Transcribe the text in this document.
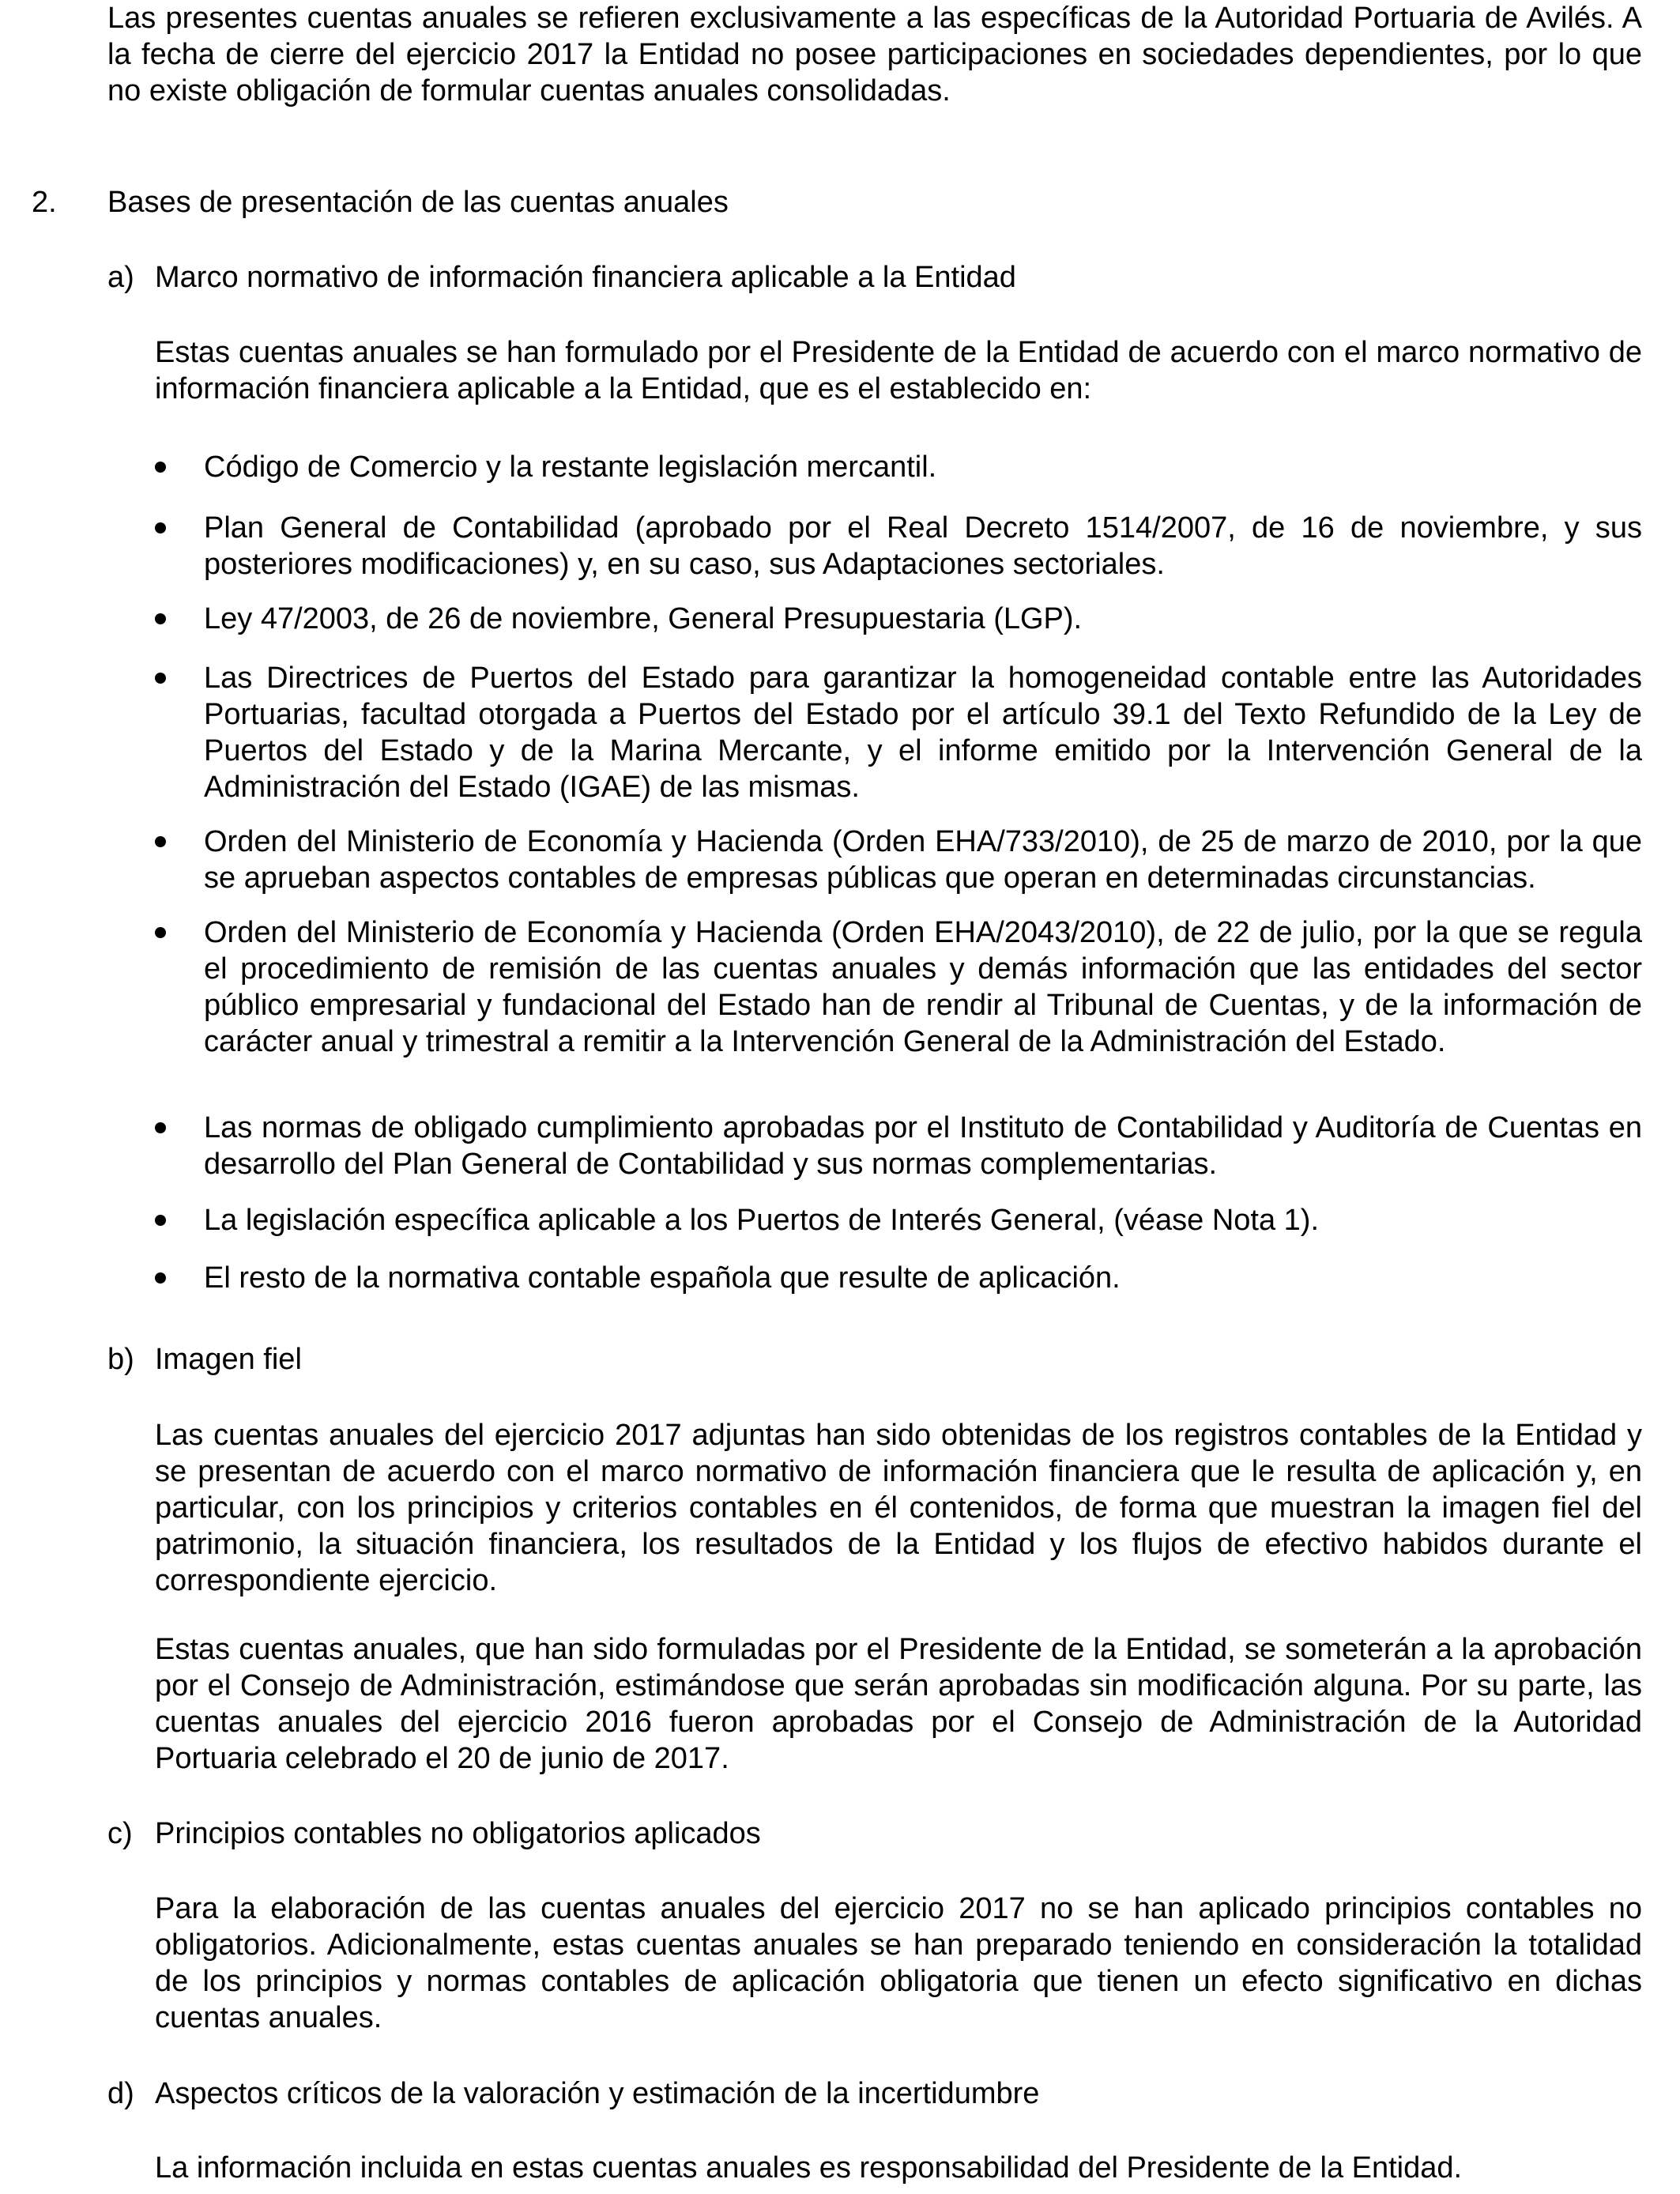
Las presentes cuentas anuales se refieren exclusivamente a las específicas de la Autoridad Portuaria de Avilés. A la fecha de cierre del ejercicio 2017 la Entidad no posee participaciones en sociedades dependientes, por lo que no existe obligación de formular cuentas anuales consolidadas.

2. Bases de presentación de las cuentas anuales
a) Marco normativo de información financiera aplicable a la Entidad

Estas cuentas anuales se han formulado por el Presidente de la Entidad de acuerdo con el marco normativo de información financiera aplicable a la Entidad, que es el establecido en:

Código de Comercio y la restante legislación mercantil.

Plan General de Contabilidad (aprobado por el Real Decreto 1514/2007, de 16 de noviembre, y sus posteriores modificaciones) y, en su caso, sus Adaptaciones sectoriales.

Ley 47/2003, de 26 de noviembre, General Presupuestaria (LGP).

Las Directrices de Puertos del Estado para garantizar la homogeneidad contable entre las Autoridades Portuarias, facultad otorgada a Puertos del Estado por el artículo 39.1 del Texto Refundido de la Ley de Puertos del Estado y de la Marina Mercante, y el informe emitido por la Intervención General de la Administración del Estado (IGAE) de las mismas.

Orden del Ministerio de Economía y Hacienda (Orden EHA/733/2010), de 25 de marzo de 2010, por la que se aprueban aspectos contables de empresas públicas que operan en determinadas circunstancias.

Orden del Ministerio de Economía y Hacienda (Orden EHA/2043/2010), de 22 de julio, por la que se regula el procedimiento de remisión de las cuentas anuales y demás información que las entidades del sector público empresarial y fundacional del Estado han de rendir al Tribunal de Cuentas, y de la información de carácter anual y trimestral a remitir a la Intervención General de la Administración del Estado.

Las normas de obligado cumplimiento aprobadas por el Instituto de Contabilidad y Auditoría de Cuentas en desarrollo del Plan General de Contabilidad y sus normas complementarias.

La legislación específica aplicable a los Puertos de Interés General, (véase Nota 1).

El resto de la normativa contable española que resulte de aplicación.

b) Imagen fiel

Las cuentas anuales del ejercicio 2017 adjuntas han sido obtenidas de los registros contables de la Entidad y se presentan de acuerdo con el marco normativo de información financiera que le resulta de aplicación y, en particular, con los principios y criterios contables en él contenidos, de forma que muestran la imagen fiel del patrimonio, la situación financiera, los resultados de la Entidad y los flujos de efectivo habidos durante el correspondiente ejercicio.

Estas cuentas anuales, que han sido formuladas por el Presidente de la Entidad, se someterán a la aprobación por el Consejo de Administración, estimándose que serán aprobadas sin modificación alguna. Por su parte, las cuentas anuales del ejercicio 2016 fueron aprobadas por el Consejo de Administración de la Autoridad Portuaria celebrado el 20 de junio de 2017.

c) Principios contables no obligatorios aplicados

Para la elaboración de las cuentas anuales del ejercicio 2017 no se han aplicado principios contables no obligatorios. Adicionalmente, estas cuentas anuales se han preparado teniendo en consideración la totalidad de los principios y normas contables de aplicación obligatoria que tienen un efecto significativo en dichas cuentas anuales.

d) Aspectos críticos de la valoración y estimación de la incertidumbre

La información incluida en estas cuentas anuales es responsabilidad del Presidente de la Entidad.
